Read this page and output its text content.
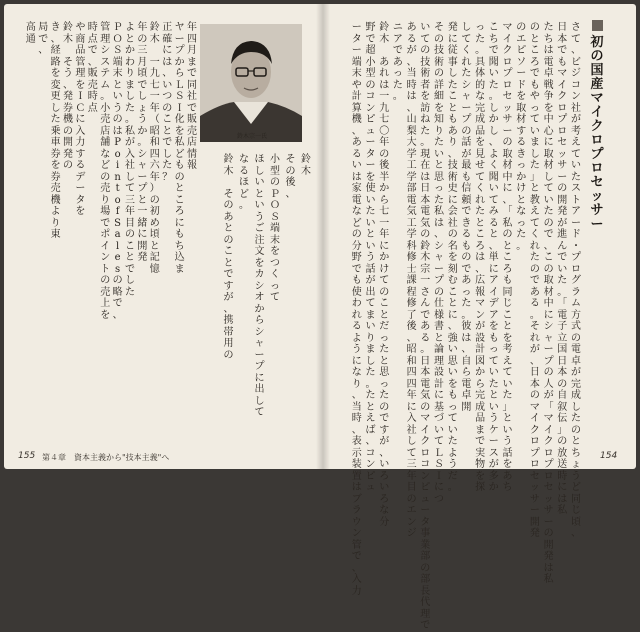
年
四
月
ま
で
同
社
で
販
売
店
情
報
ヤ
ー
プ
か
ら
Ｌ
Ｓ
Ｉ
化
を
私
ど
も
の
と
こ
ろ
に
も
ち
込
ま
正
確
に
は
、
い
つ
の
こ
と
で
し
た
？
鈴
木

一
九
七
一
年
（
昭
和
四
六
年
）
の
初
め
頃
と
記
憶
年
の
三
月
頃
で
し
ょ
う
か
。
シ
ャ
ー
プ
と
一
緒
に
開
発
よ
と
か
わ
り
ま
し
た
。
私
が
入
社
し
て
三
年
目
の
こ
と
で
し
た
Ｐ
Ｏ
Ｓ
端
末
と
い
う
の
は
P
o
i
n
t
o
f
S
a
l
e
s
の
略
で
、
管
理
シ
ス
テ
ム
。
小
売
店
舗
な
ど
の
売
り
場
で
ポ
イ
ン
ト
の
売
上
を
時
点
で
、
販
売
時
点
や
商
品
管
理
を
Ｉ
Ｃ
に
入
力
す
る
デ
ー
タ
を
鈴
木

そ
う
、
発
券
機
の
開
発
の
き
、
経
路
を
変
更
し
た
乗
車
券
を
券
売
機
よ
り
東
局
で
、
高
通
鈴
木
そ
の
後
、
小
型
の
Ｐ
Ｏ
Ｓ
端
末
を
つ
く
っ
て
ほ
し
い
と
い
う
ご
注
文
を
カ
シ
オ
か
ら
シ
ャ
ー
プ
に
出
し
て
な
る
ほ
ど
。
鈴
木

そ
の
あ
と
の
こ
と
で
す
が
、
携
帯
用
の
鈴木宗一氏
初
の
国
産
マ
イ
ク
ロ
プ
ロ
セ
ッ
サ
ー
さ
て
、
ビ
ジ
コ
ン
社
が
考
え
て
い
た
ス
ト
ア
ー
ド
・
プ
ロ
グ
ラ
ム
方
式
の
電
卓
が
完
成
し
た
の
と
ち
ょ
う
ど
同
じ
頃
、
日
本
で
も
マ
イ
ク
ロ
プ
ロ
セ
ッ
サ
ー
の
開
発
が
進
ん
で
い
た
。
「
電
子
立
国
日
本
の
自
叙
伝
」
の
放
送
時
に
は
私
た
ち
は
電
卓
戦
争
を
中
心
に
取
材
し
て
い
た
の
で
、
こ
の
取
材
中
に
シ
ャ
ー
プ
の
人
が
「
マ
イ
ク
ロ
プ
ロ
セ
ッ
サ
ー
の
開
発
は
私
の
と
こ
ろ
で
も
や
っ
て
い
ま
し
た
」
と
教
え
て
く
れ
た
の
で
あ
る
。
そ
れ
が
、
日
本
の
マ
イ
ク
ロ
プ
ロ
セ
ッ
サ
ー
開
発
の
エ
ピ
ソ
ー
ド
を
取
材
す
る
き
っ
か
け
と
な
っ
た
。
マ
イ
ク
ロ
プ
ロ
セ
ッ
サ
ー
の
取
材
中
に
、
「
私
の
と
こ
ろ
も
同
じ
こ
と
を
考
え
て
い
た
」
と
い
う
話
を
あ
ち
こ
ち
で
聞
い
た
。
し
か
し
、
よ
く
聞
い
て
み
る
と
、
単
に
ア
イ
デ
ア
を
も
っ
て
い
た
と
い
う
ケ
ー
ス
が
多
か
っ
た
。
具
体
的
な
完
成
品
を
見
せ
て
く
れ
た
と
こ
ろ
は
、
広
報
マ
ン
が
設
計
図
か
ら
完
成
品
ま
で
実
物
を
探
し
て
く
れ
た
シ
ャ
ー
プ
の
話
が
最
も
信
頼
で
き
る
も
の
で
あ
っ
た
。
彼
は
、
自
ら
電
卓
開
発
に
従
事
し
た
こ
と
も
あ
り
、
技
術
史
に
会
社
の
名
を
刻
む
こ
と
に
、
強
い
思
い
を
も
っ
て
い
た
よ
う
だ
。
そ
の
技
術
の
詳
細
を
知
り
た
い
と
思
っ
た
私
は
、
シ
ャ
ー
プ
の
仕
様
書
と
論
理
設
計
に
基
づ
い
て
Ｌ
Ｓ
Ｉ
に
つ
い
て
の
技
術
者
を
訪
ね
た
。
現
在
は
日
本
電
気
の
鈴
木
宗
一
さ
ん
で
あ
る
。
日
本
電
気
の
マ
イ
ク
ロ
コ
ン
ピ
ュ
ー
タ
事
業
部
の
部
長
代
理
で
あ
る
が
、
当
時
は
、
山
梨
大
学
工
学
部
電
気
工
学
科
修
士
課
程
修
了
後
、
昭
和
四
四
年
に
入
社
し
て
三
年
目
の
エ
ン
ジ
ニ
ア
で
あ
っ
た
。
鈴
木

あ
れ
は
一
九
七
〇
年
の
後
半
か
ら
七
一
年
に
か
け
て
の
こ
と
だ
っ
た
と
思
っ
た
の
で
す
が
、
い
ろ
い
ろ
な
分
野
で
超
小
型
の
コ
ン
ピ
ュ
ー
タ
ー
を
使
い
た
い
と
い
う
話
が
出
て
ま
い
り
ま
し
た
。
た
と
え
ば
、
コ
ン
ピ
ュ
ー
タ
ー
端
末
や
計
算
機
、
あ
る
い
は
家
電
な
ど
の
分
野
で
も
使
わ
れ
る
よ
う
に
な
り
、
当
時
、
表
示
装
置
は
ブ
ラ
ウ
ン
管
で
、
入
力
155 第４章　資本主義から"技本主義"へ	154
